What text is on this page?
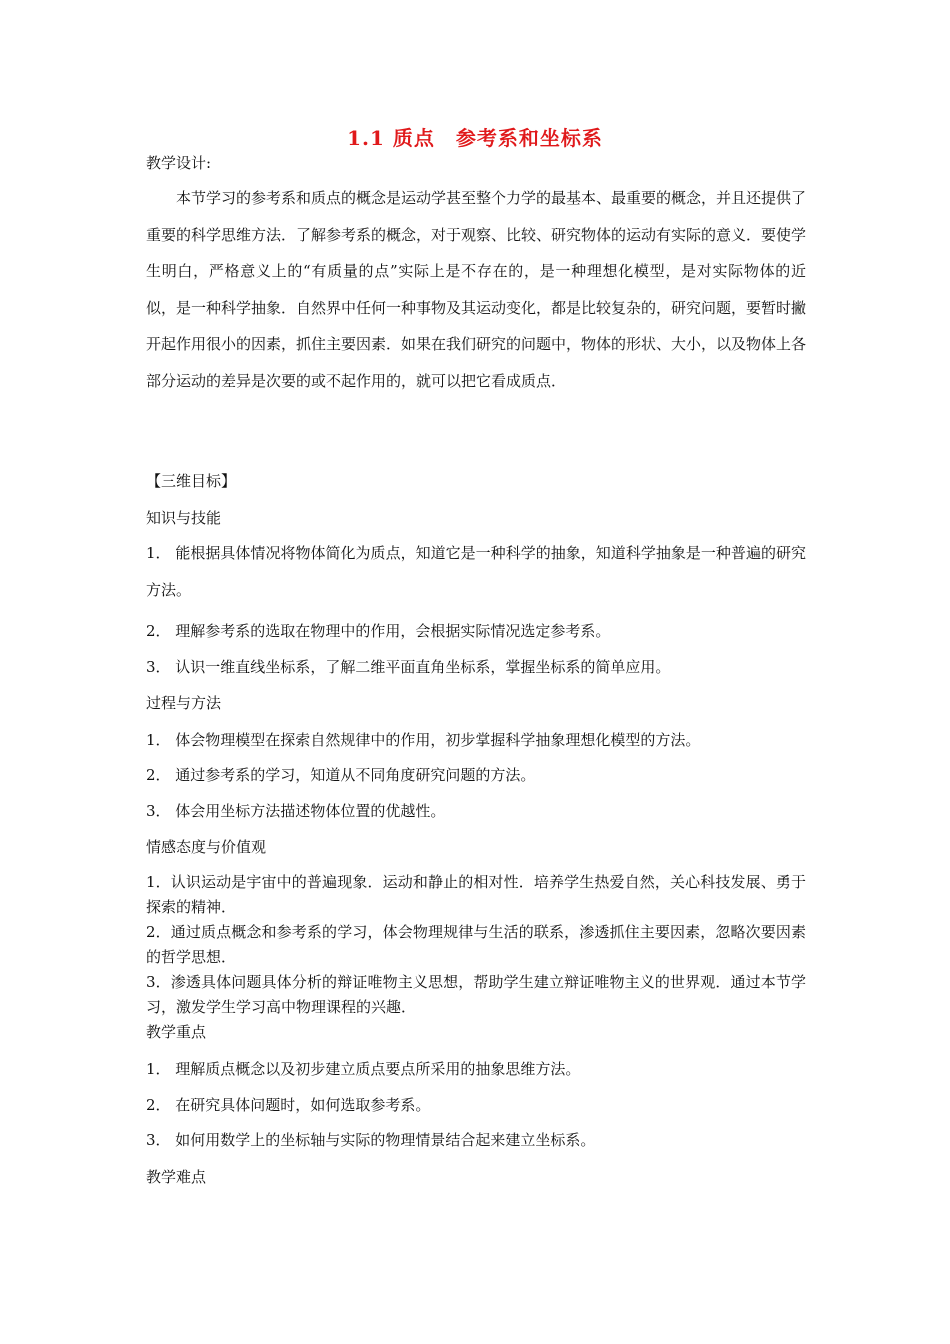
1.1 质点　参考系和坐标系
教学设计:
本节学习的参考系和质点的概念是运动学甚至整个力学的最基本、最重要的概念，并且还提供了重要的科学思维方法．了解参考系的概念，对于观察、比较、研究物体的运动有实际的意义．要使学生明白，严格意义上的“有质量的点”实际上是不存在的，是一种理想化模型，是对实际物体的近似，是一种科学抽象．自然界中任何一种事物及其运动变化，都是比较复杂的，研究问题，要暂时撇开起作用很小的因素，抓住主要因素．如果在我们研究的问题中，物体的形状、大小，以及物体上各部分运动的差异是次要的或不起作用的，就可以把它看成质点．
【三维目标】
知识与技能
1． 能根据具体情况将物体简化为质点，知道它是一种科学的抽象，知道科学抽象是一种普遍的研究方法。
2． 理解参考系的选取在物理中的作用，会根据实际情况选定参考系。
3． 认识一维直线坐标系，了解二维平面直角坐标系，掌握坐标系的简单应用。
过程与方法
1． 体会物理模型在探索自然规律中的作用，初步掌握科学抽象理想化模型的方法。
2． 通过参考系的学习，知道从不同角度研究问题的方法。
3． 体会用坐标方法描述物体位置的优越性。
情感态度与价值观

1．认识运动是宇宙中的普遍现象．运动和静止的相对性．培养学生热爱自然，关心科技发展、勇于探索的精神．

2．通过质点概念和参考系的学习，体会物理规律与生活的联系，渗透抓住主要因素，忽略次要因素的哲学思想．

3．渗透具体问题具体分析的辩证唯物主义思想，帮助学生建立辩证唯物主义的世界观．通过本节学习，激发学生学习高中物理课程的兴趣．

教学重点
1． 理解质点概念以及初步建立质点要点所采用的抽象思维方法。
2． 在研究具体问题时，如何选取参考系。
3． 如何用数学上的坐标轴与实际的物理情景结合起来建立坐标系。
教学难点
